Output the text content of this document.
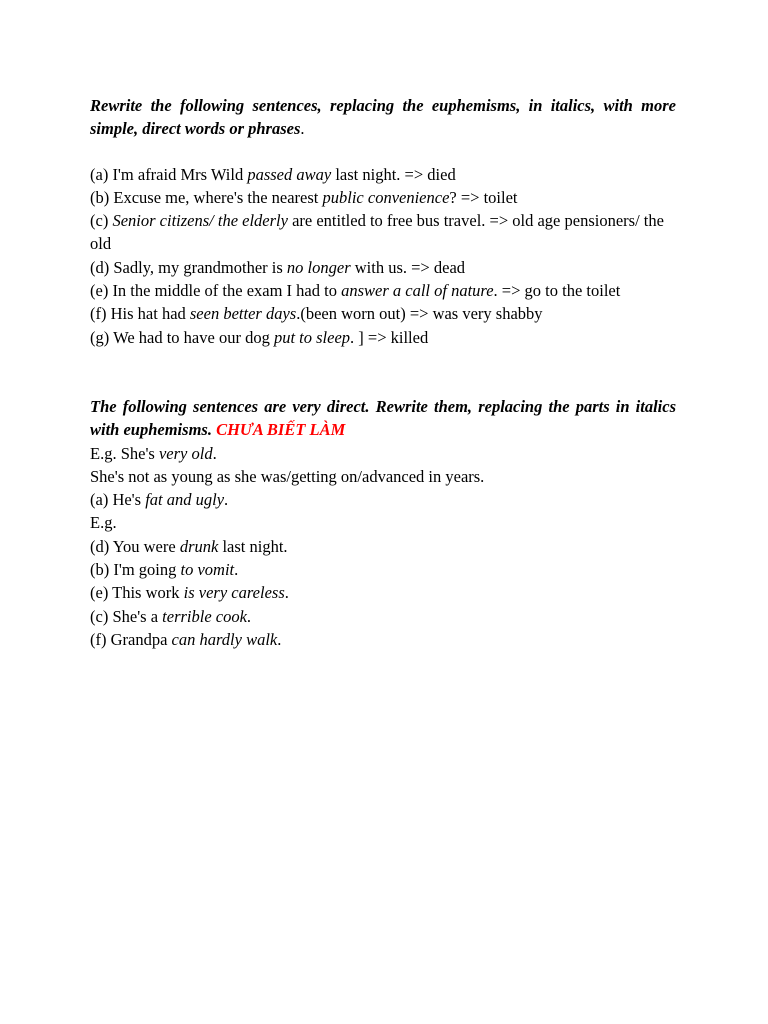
Rewrite the following sentences, replacing the euphemisms, in italics, with more simple, direct words or phrases.

(a) I'm afraid Mrs Wild passed away last night. => died

(b) Excuse me, where's the nearest public convenience? => toilet

(c) Senior citizens/ the elderly are entitled to free bus travel. => old age pensioners/ the old

(d) Sadly, my grandmother is no longer with us. => dead

(e) In the middle of the exam I had to answer a call of nature. => go to the toilet

(f) His hat had seen better days.(been worn out) => was very shabby

(g) We had to have our dog put to sleep. ] => killed

The following sentences are very direct. Rewrite them, replacing the parts in italics with euphemisms. CHƯA BIẾT LÀM

E.g. She's very old.

She's not as young as she was/getting on/advanced in years.

(a) He's fat and ugly.

E.g.

(d) You were drunk last night.

(b) I'm going to vomit.

(e) This work is very careless.

(c) She's a terrible cook.

(f) Grandpa can hardly walk.
